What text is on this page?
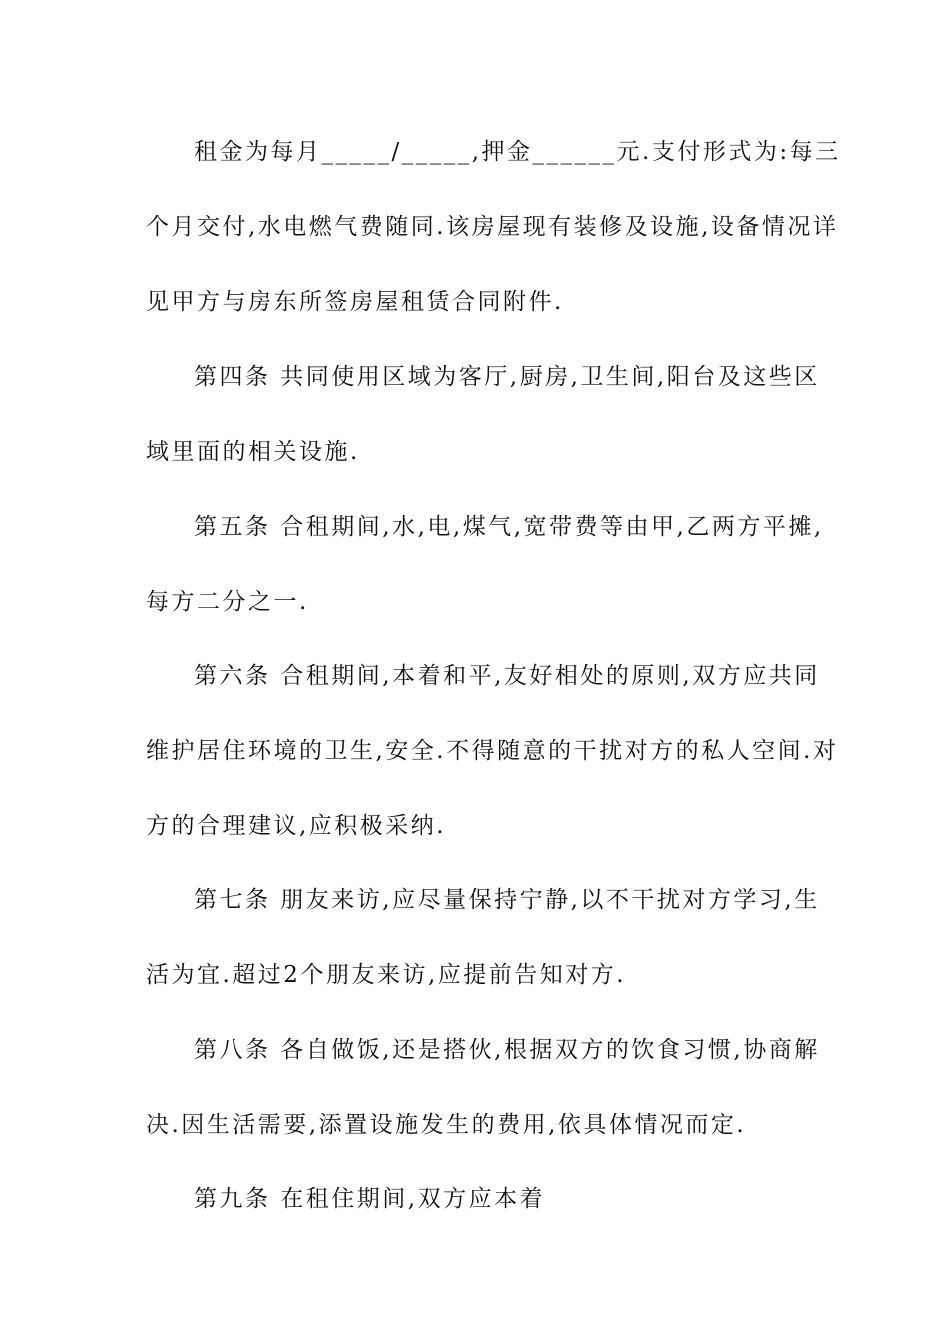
租金为每月_____/_____,押金______元.支付形式为:每三
个月交付,水电燃气费随同.该房屋现有装修及设施,设备情况详
见甲方与房东所签房屋租赁合同附件.
第四条 共同使用区域为客厅,厨房,卫生间,阳台及这些区
域里面的相关设施.
第五条 合租期间,水,电,煤气,宽带费等由甲,乙两方平摊,
每方二分之一.
第六条 合租期间,本着和平,友好相处的原则,双方应共同
维护居住环境的卫生,安全.不得随意的干扰对方的私人空间.对
方的合理建议,应积极采纳.
第七条 朋友来访,应尽量保持宁静,以不干扰对方学习,生
活为宜.超过2个朋友来访,应提前告知对方.
第八条 各自做饭,还是搭伙,根据双方的饮食习惯,协商解
决.因生活需要,添置设施发生的费用,依具体情况而定.
第九条 在租住期间,双方应本着
